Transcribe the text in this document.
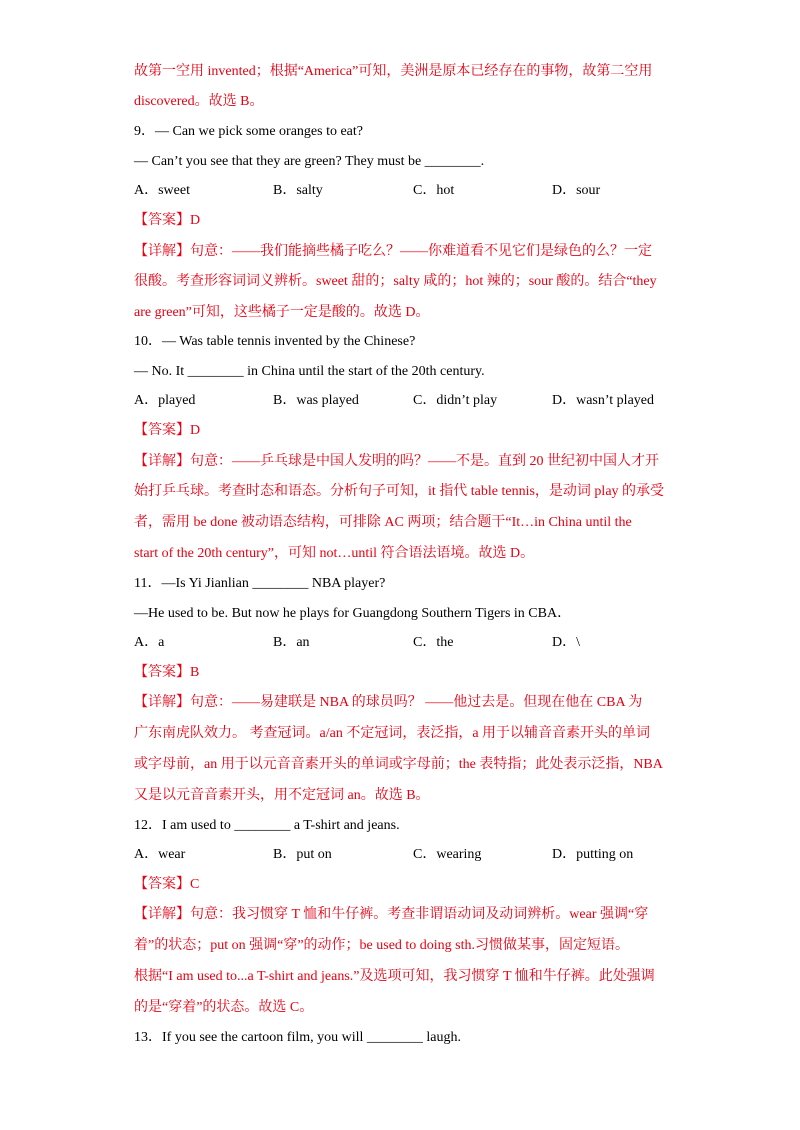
故第一空用 invented；根据“America”可知，美洲是原本已经存在的事物，故第二空用
discovered。故选 B。
9．— Can we pick some oranges to eat?
— Can’t you see that they are green? They must be ________.
A．sweet	B．salty	C．hot	D．sour
【答案】D
【详解】句意：——我们能摘些橘子吃么？——你难道看不见它们是绿色的么？一定
很酸。考查形容词词义辨析。sweet 甜的；salty 咸的；hot 辣的；sour 酸的。结合“they
are green”可知，这些橘子一定是酸的。故选 D。
10．— Was table tennis invented by the Chinese?
— No. It ________ in China until the start of the 20th century.
A．played	B．was played	C．didn’t play	D．wasn’t played
【答案】D
【详解】句意：——乒乓球是中国人发明的吗？——不是。直到 20 世纪初中国人才开
始打乒乓球。考查时态和语态。分析句子可知，it 指代 table tennis，是动词 play 的承受
者，需用 be done 被动语态结构，可排除 AC 两项；结合题干“It…in China until the
start of the 20th century”，可知 not…until 符合语法语境。故选 D。
11．—Is Yi Jianlian ________ NBA player?
—He used to be. But now he plays for Guangdong Southern Tigers in CBA．
A．a	B．an	C．the	D．\
【答案】B
【详解】句意：——易建联是 NBA 的球员吗？ ——他过去是。但现在他在 CBA 为
广东南虎队效力。 考查冠词。a/an 不定冠词，表泛指，a 用于以辅音音素开头的单词
或字母前，an 用于以元音音素开头的单词或字母前；the 表特指；此处表示泛指，NBA
又是以元音音素开头，用不定冠词 an。故选 B。
12．I am used to ________ a T-shirt and jeans.
A．wear	B．put on	C．wearing	D．putting on
【答案】C
【详解】句意：我习惯穿 T 恤和牛仔裤。考查非谓语动词及动词辨析。wear 强调“穿
着”的状态；put on 强调“穿”的动作；be used to doing sth.习惯做某事，固定短语。
根据“I am used to...a T-shirt and jeans.”及选项可知，我习惯穿 T 恤和牛仔裤。此处强调
的是“穿着”的状态。故选 C。
13．If you see the cartoon film, you will ________ laugh.
